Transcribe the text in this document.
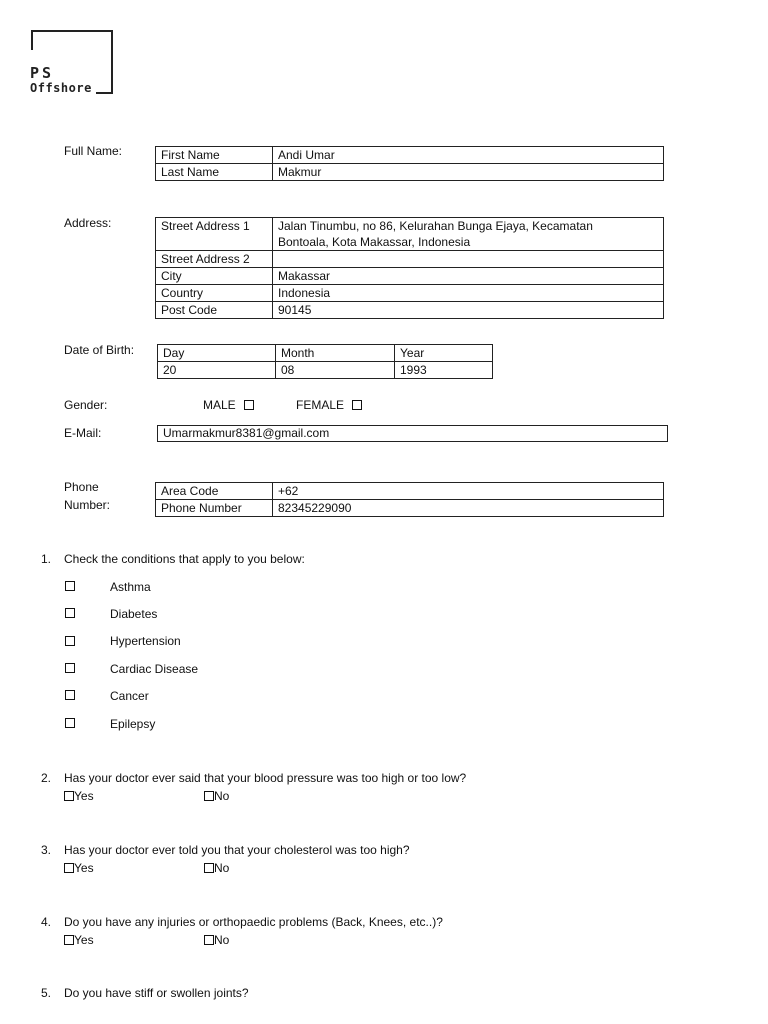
PS
Offshore
Full Name:	First Name	Andi Umar
Last Name	Makmur
Address:	Street Address 1	Jalan Tinumbu, no 86, Kelurahan Bunga Ejaya, Kecamatan Bontoala, Kota Makassar, Indonesia
Street Address 2	
City	Makassar
Country	Indonesia
Post Code	90145
Date of Birth: Day	Month	Year
20	08	1993
Gender:	MALE	FEMALE
E-Mail:	Umarmakmur8381@gmail.com
Phone
Number:
Area Code	+62
Phone Number	82345229090
1. Check the conditions that apply to you below:
Asthma
Diabetes
Hypertension
Cardiac Disease
Cancer
Epilepsy
2. Has your doctor ever said that your blood pressure was too high or too low?
Yes	No
3. Has your doctor ever told you that your cholesterol was too high?
Yes	No
4. Do you have any injuries or orthopaedic problems (Back, Knees, etc..)?
Yes	No
5. Do you have stiff or swollen joints?
